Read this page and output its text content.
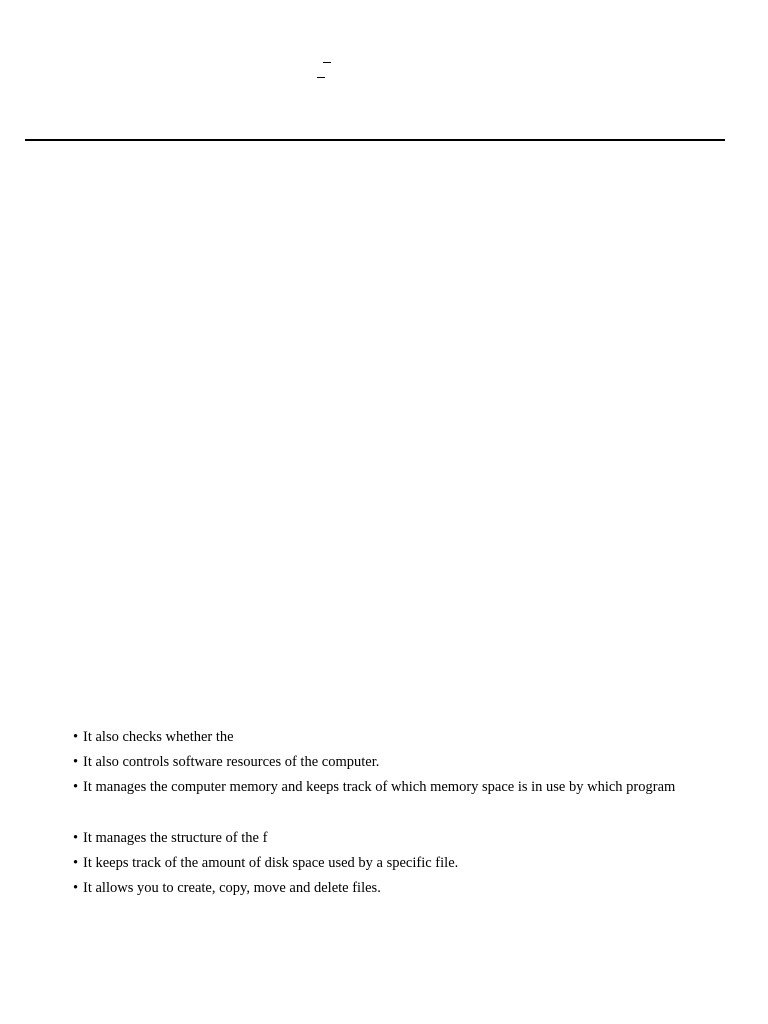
• It also checks whether the
• It also controls software resources of the computer.
• It manages the computer memory and keeps track of which memory space is in use by which program
• It manages the structure of the f
• It keeps track of the amount of disk space used by a specific file.
• It allows you to create, copy, move and delete files.
